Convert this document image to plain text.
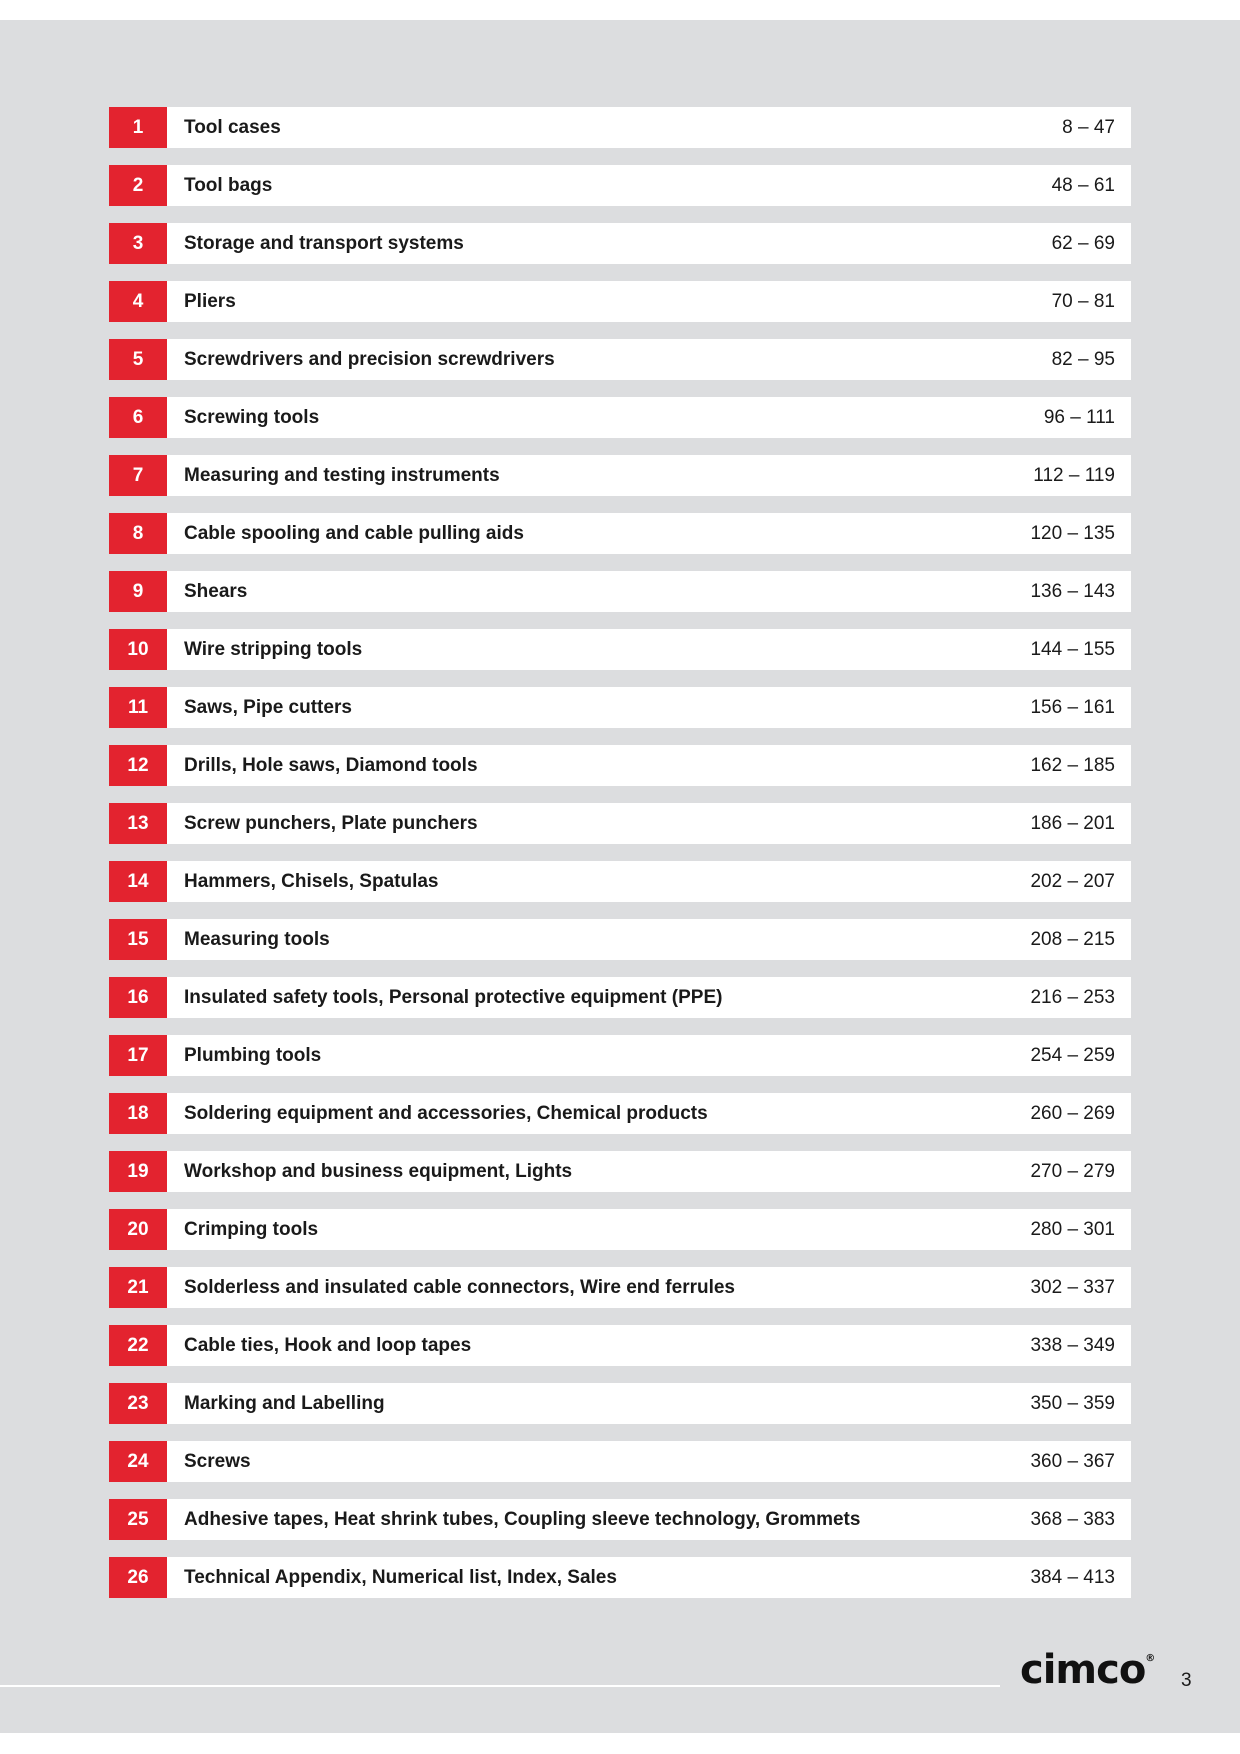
1	Tool cases	8 – 47
2	Tool bags	48 – 61
3	Storage and transport systems	62 – 69
4	Pliers	70 – 81
5	Screwdrivers and precision screwdrivers	82 – 95
6	Screwing tools	96 – 111
7	Measuring and testing instruments	112 – 119
8	Cable spooling and cable pulling aids	120 – 135
9	Shears	136 – 143
10	Wire stripping tools	144 – 155
11	Saws, Pipe cutters	156 – 161
12	Drills, Hole saws, Diamond tools	162 – 185
13	Screw punchers, Plate punchers	186 – 201
14	Hammers, Chisels, Spatulas	202 – 207
15	Measuring tools	208 – 215
16	Insulated safety tools, Personal protective equipment (PPE)	216 – 253
17	Plumbing tools	254 – 259
18	Soldering equipment and accessories, Chemical products	260 – 269
19	Workshop and business equipment, Lights	270 – 279
20	Crimping tools	280 – 301
21	Solderless and insulated cable connectors, Wire end ferrules	302 – 337
22	Cable ties, Hook and loop tapes	338 – 349
23	Marking and Labelling	350 – 359
24	Screws	360 – 367
25	Adhesive tapes, Heat shrink tubes, Coupling sleeve technology, Grommets	368 – 383
26	Technical Appendix, Numerical list, Index, Sales	384 – 413
cimco®
3
